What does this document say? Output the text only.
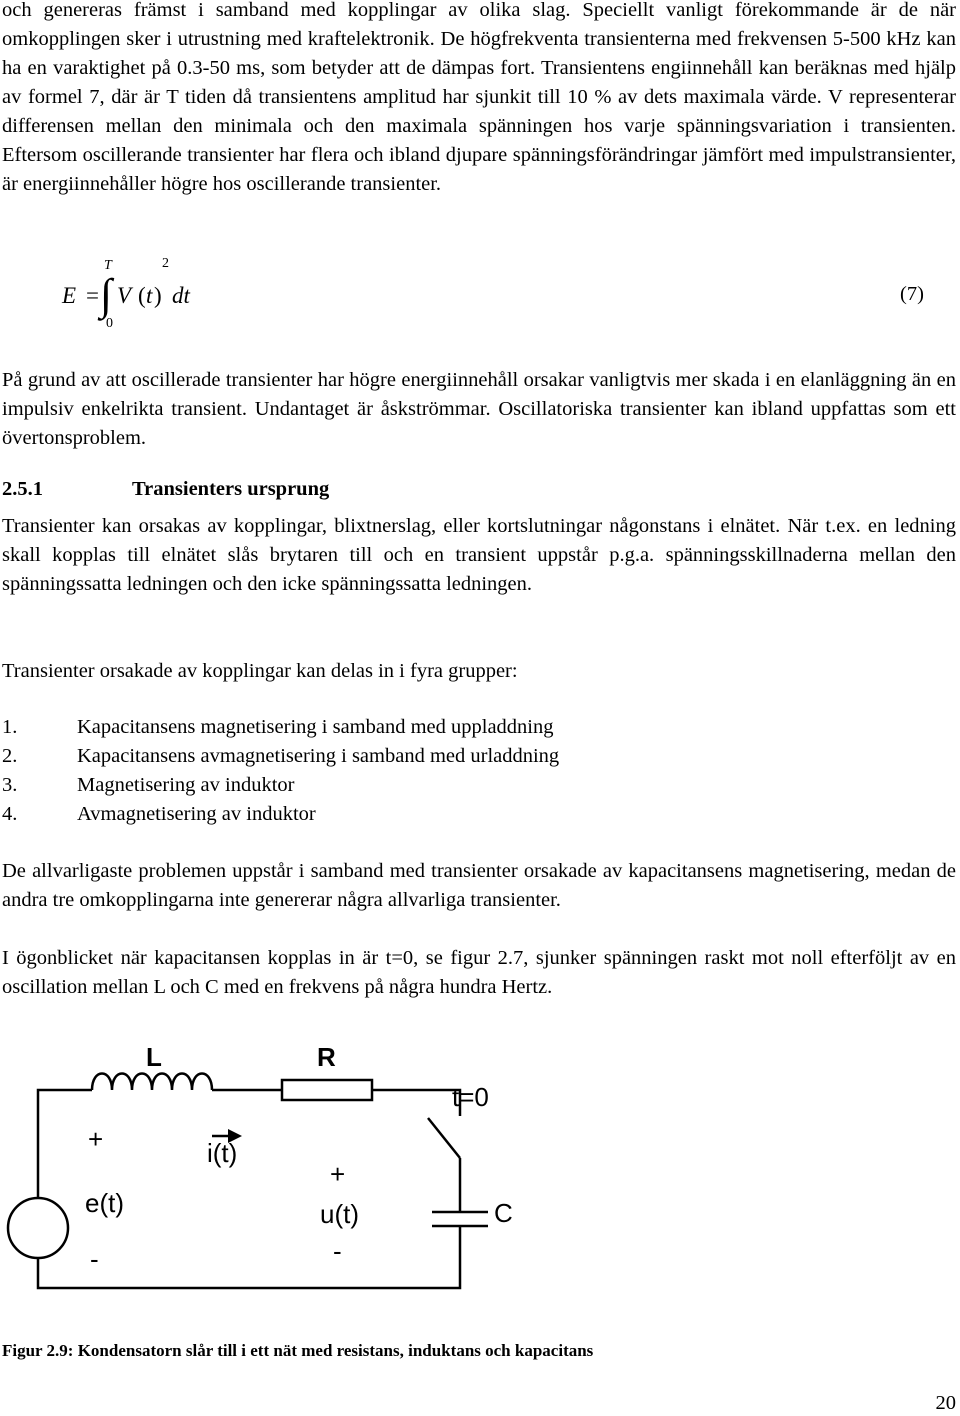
och genereras främst i samband med kopplingar av olika slag. Speciellt vanligt förekommande är de när omkopplingen sker i utrustning med kraftelektronik. De högfrekventa transienterna med frekvensen 5-500 kHz kan ha en varaktighet på 0.3-50 ms, som betyder att de dämpas fort. Transientens engiinnehåll kan beräknas med hjälp av formel 7, där är T tiden då transientens amplitud har sjunkit till 10 % av dets maximala värde. V representerar differensen mellan den minimala och den maximala spänningen hos varje spänningsvariation i transienten. Eftersom oscillerande transienter har flera och ibland djupare spänningsförändringar jämfört med impulstransienter, är energiinnehåller högre hos oscillerande transienter.

E =
T
∫
0
V ( t )
2
dt	(7)

På grund av att oscillerade transienter har högre energiinnehåll orsakar vanligtvis mer skada i en elanläggning än en impulsiv enkelrikta transient. Undantaget är åskströmmar. Oscillatoriska transienter kan ibland uppfattas som ett övertonsproblem.

2.5.1	Transienters ursprung

Transienter kan orsakas av kopplingar, blixtnerslag, eller kortslutningar någonstans i elnätet. När t.ex. en ledning skall kopplas till elnätet slås brytaren till och en transient uppstår p.g.a. spänningsskillnaderna mellan den spänningssatta ledningen och den icke spänningssatta ledningen.

Transienter orsakade av kopplingar kan delas in i fyra grupper:

1.	Kapacitansens magnetisering i samband med uppladdning
2.	Kapacitansens avmagnetisering i samband med urladdning
3.	Magnetisering av induktor
4.	Avmagnetisering av induktor

De allvarligaste problemen uppstår i samband med transienter orsakade av kapacitansens magnetisering, medan de andra tre omkopplingarna inte genererar några allvarliga transienter.

I ögonblicket när kapacitansen kopplas in är t=0, se figur 2.7, sjunker spänningen raskt mot noll efterföljt av en oscillation mellan L och C med en frekvens på några hundra Hertz.

L	R
t=0
+	i(t)
e(t)
-
+
u(t)
-
C

Figur 2.9: Kondensatorn slår till i ett nät med resistans, induktans och kapacitans

20
